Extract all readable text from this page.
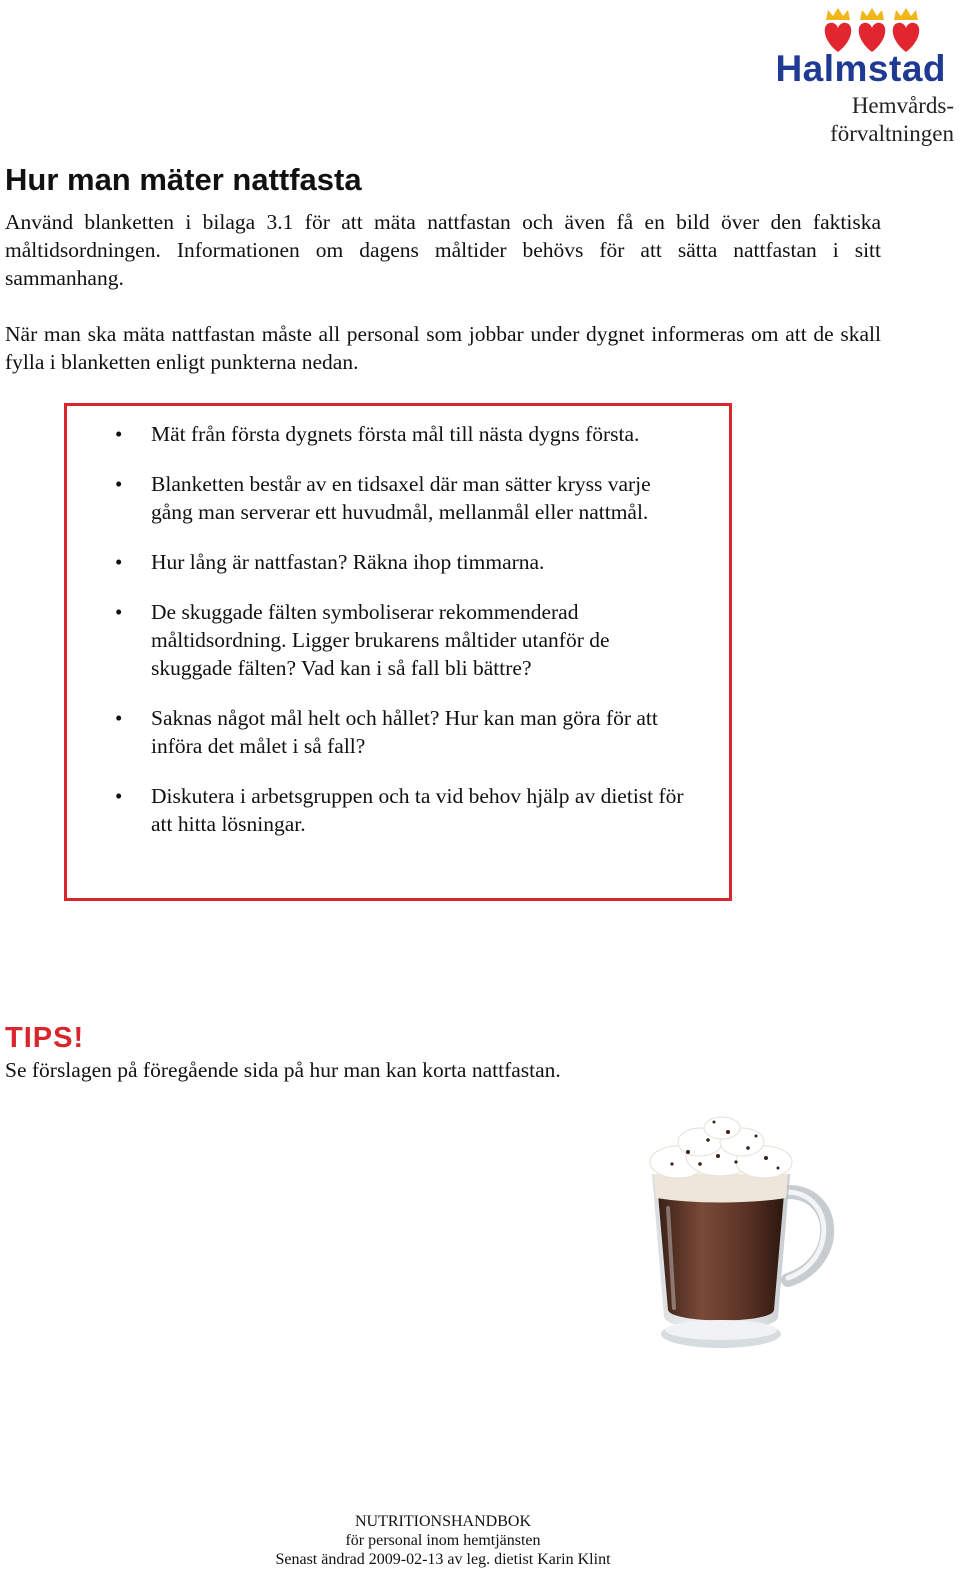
Halmstad
Hemvårds-
förvaltningen
Hur man mäter nattfasta

Använd blanketten i bilaga 3.1 för att mäta nattfastan och även få en bild över den faktiska måltidsordningen. Informationen om dagens måltider behövs för att sätta nattfastan i sitt sammanhang.

När man ska mäta nattfastan måste all personal som jobbar under dygnet informeras om att de skall fylla i blanketten enligt punkterna nedan.

• Mät från första dygnets första mål till nästa dygns första.
• Blanketten består av en tidsaxel där man sätter kryss varje gång man serverar ett huvudmål, mellanmål eller nattmål.
• Hur lång är nattfastan? Räkna ihop timmarna.
• De skuggade fälten symboliserar rekommenderad måltidsordning. Ligger brukarens måltider utanför de skuggade fälten? Vad kan i så fall bli bättre?
• Saknas något mål helt och hållet? Hur kan man göra för att införa det målet i så fall?
• Diskutera i arbetsgruppen och ta vid behov hjälp av dietist för att hitta lösningar.
TIPS!
Se förslagen på föregående sida på hur man kan korta nattfastan.
NUTRITIONSHANDBOK
för personal inom hemtjänsten
Senast ändrad 2009-02-13 av leg. dietist Karin Klint
